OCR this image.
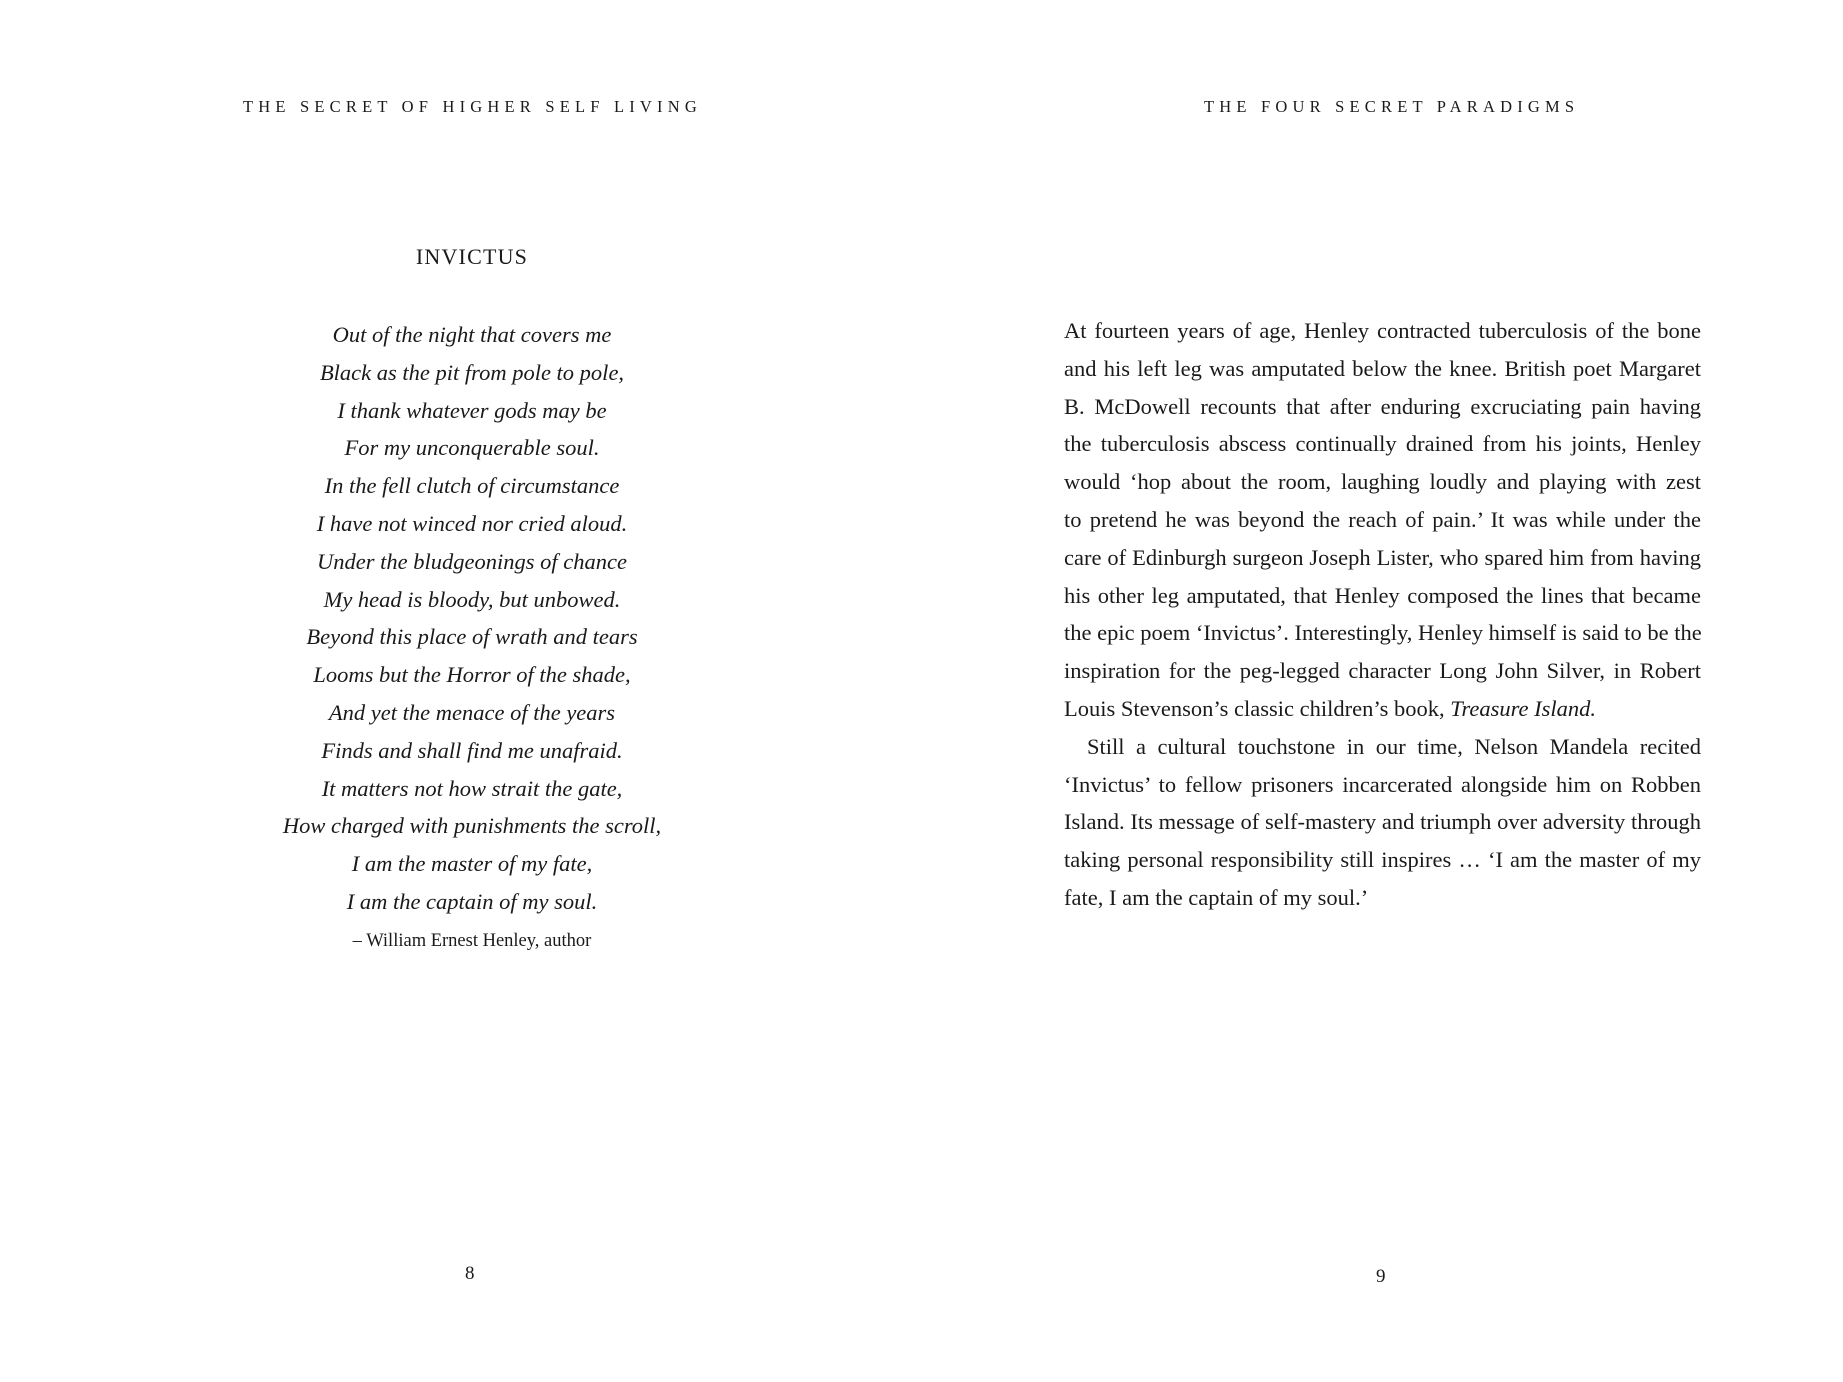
THE SECRET OF HIGHER SELF LIVING
INVICTUS
Out of the night that covers me
Black as the pit from pole to pole,
I thank whatever gods may be
For my unconquerable soul.
In the fell clutch of circumstance
I have not winced nor cried aloud.
Under the bludgeonings of chance
My head is bloody, but unbowed.
Beyond this place of wrath and tears
Looms but the Horror of the shade,
And yet the menace of the years
Finds and shall find me unafraid.
It matters not how strait the gate,
How charged with punishments the scroll,
I am the master of my fate,
I am the captain of my soul.
– William Ernest Henley, author
8
THE FOUR SECRET PARADIGMS
At fourteen years of age, Henley contracted tuberculosis of the bone
and his left leg was amputated below the knee. British poet Margaret
B. McDowell recounts that after enduring excruciating pain having
the tuberculosis abscess continually drained from his joints, Henley
would ‘hop about the room, laughing loudly and playing with zest
to pretend he was beyond the reach of pain.’ It was while under the
care of Edinburgh surgeon Joseph Lister, who spared him from having
his other leg amputated, that Henley composed the lines that became
the epic poem ‘Invictus’. Interestingly, Henley himself is said to be the
inspiration for the peg-legged character Long John Silver, in Robert
Louis Stevenson’s classic children’s book, Treasure Island.
Still a cultural touchstone in our time, Nelson Mandela recited
‘Invictus’ to fellow prisoners incarcerated alongside him on Robben
Island. Its message of self-mastery and triumph over adversity through
taking personal responsibility still inspires … ‘I am the master of my
fate, I am the captain of my soul.’
9
